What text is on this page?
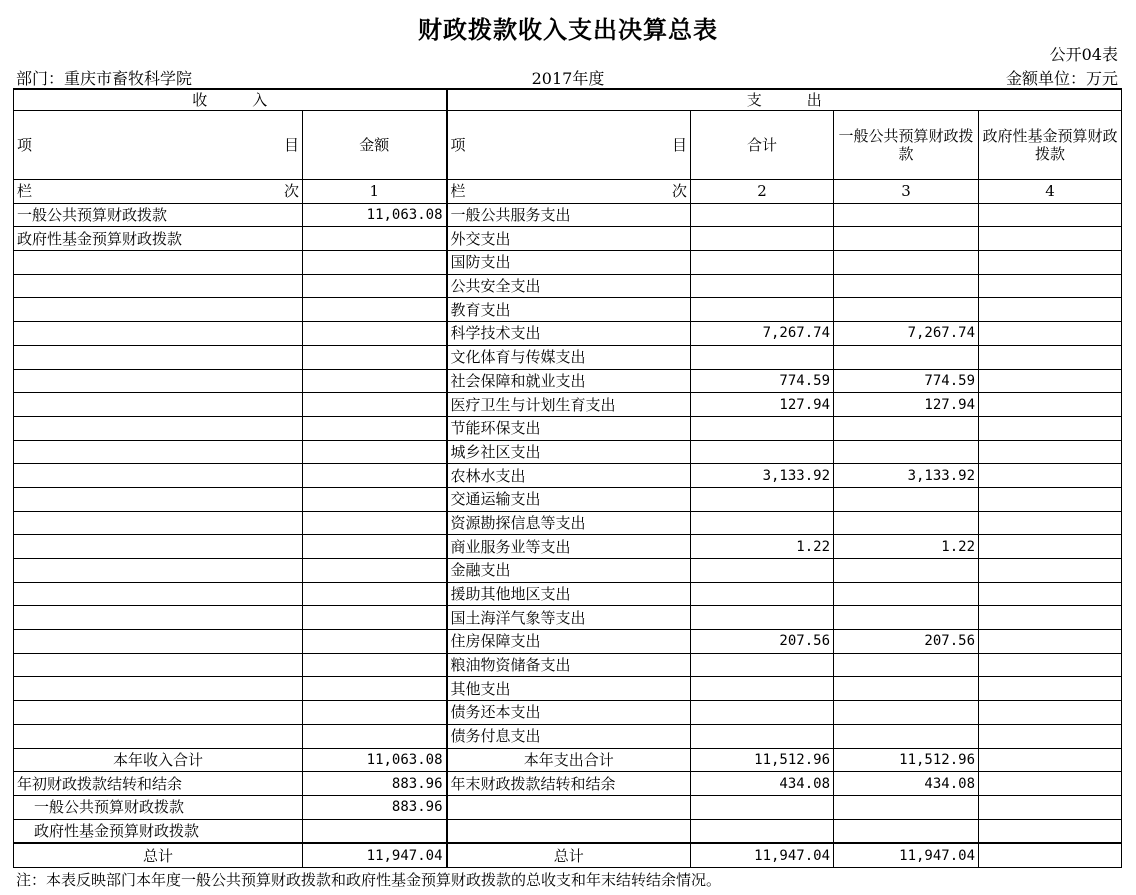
财政拨款收入支出决算总表
公开04表
部门：重庆市畜牧科学院	2017年度	金额单位：万元
收　　　入		支　　　出			

项 目	金额	项 目	合计	一般公共预算财政拨款	政府性基金预算财政拨款

栏 次	1	栏 次	2	3	4
一般公共预算财政拨款	11,063.08	一般公共服务支出			
政府性基金预算财政拨款		外交支出			
		国防支出			
		公共安全支出			
		教育支出			
		科学技术支出	7,267.74	7,267.74	
		文化体育与传媒支出			
		社会保障和就业支出	774.59	774.59	
		医疗卫生与计划生育支出	127.94	127.94	
		节能环保支出			
		城乡社区支出			
		农林水支出	3,133.92	3,133.92	
		交通运输支出			
		资源勘探信息等支出			
		商业服务业等支出	1.22	1.22	
		金融支出			
		援助其他地区支出			
		国土海洋气象等支出			
		住房保障支出	207.56	207.56	
		粮油物资储备支出			
		其他支出			
		债务还本支出			
		债务付息支出			
本年收入合计	11,063.08	本年支出合计	11,512.96	11,512.96	
年初财政拨款结转和结余	883.96	年末财政拨款结转和结余	434.08	434.08	
一般公共预算财政拨款	883.96				
政府性基金预算财政拨款					
总计	11,947.04	总计	11,947.04	11,947.04	
注：本表反映部门本年度一般公共预算财政拨款和政府性基金预算财政拨款的总收支和年末结转结余情况。
